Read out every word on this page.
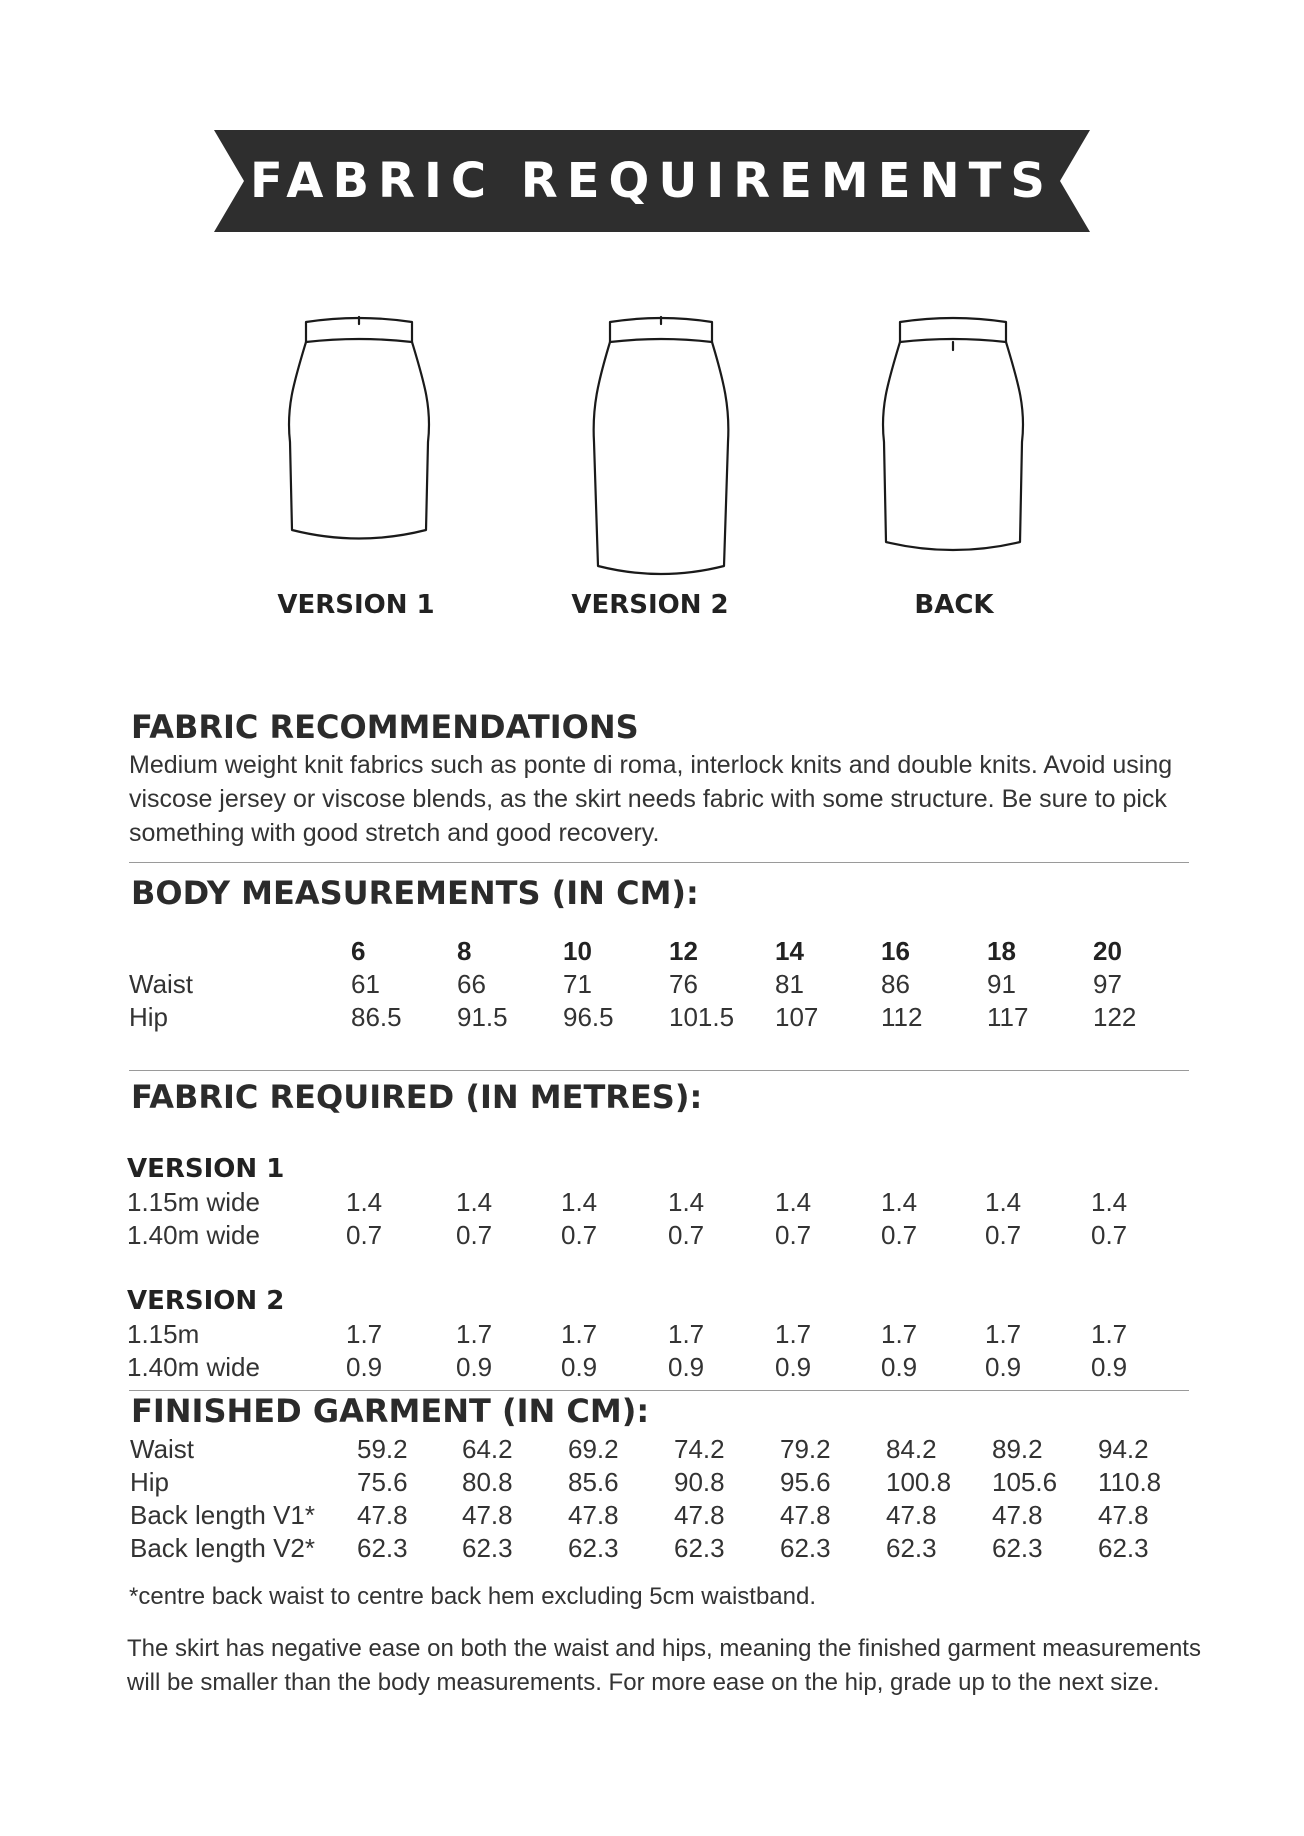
FABRIC REQUIREMENTS
VERSION 1	VERSION 2	BACK
FABRIC RECOMMENDATIONS
Medium weight knit fabrics such as ponte di roma, interlock knits and double knits. Avoid using
viscose jersey or viscose blends, as the skirt needs fabric with some structure. Be sure to pick
something with good stretch and good recovery.
BODY MEASUREMENTS (IN CM):
6	8	10	12	14	16	18	20
Waist	61	66	71	76	81	86	91	97
Hip	86.5 91.5 96.5 101.5 107 112 117 122
FABRIC REQUIRED (IN METRES):
VERSION 1
1.15m wide	1.4	1.4	1.4	1.4	1.4	1.4	1.4	1.4
1.40m wide	0.7	0.7	0.7	0.7	0.7	0.7	0.7	0.7
VERSION 2
1.15m	1.7	1.7	1.7	1.7	1.7	1.7	1.7	1.7
1.40m wide	0.9	0.9	0.9	0.9	0.9	0.9	0.9	0.9
FINISHED GARMENT (IN CM):
Waist	59.2 64.2 69.2 74.2 79.2 84.2 89.2 94.2
Hip	75.6 80.8 85.6 90.8 95.6 100.8 105.6 110.8
Back length V1* 47.8 47.8 47.8 47.8 47.8 47.8 47.8 47.8
Back length V2* 62.3 62.3 62.3 62.3 62.3 62.3 62.3 62.3
*centre back waist to centre back hem excluding 5cm waistband.
The skirt has negative ease on both the waist and hips, meaning the finished garment measurements
will be smaller than the body measurements. For more ease on the hip, grade up to the next size.
